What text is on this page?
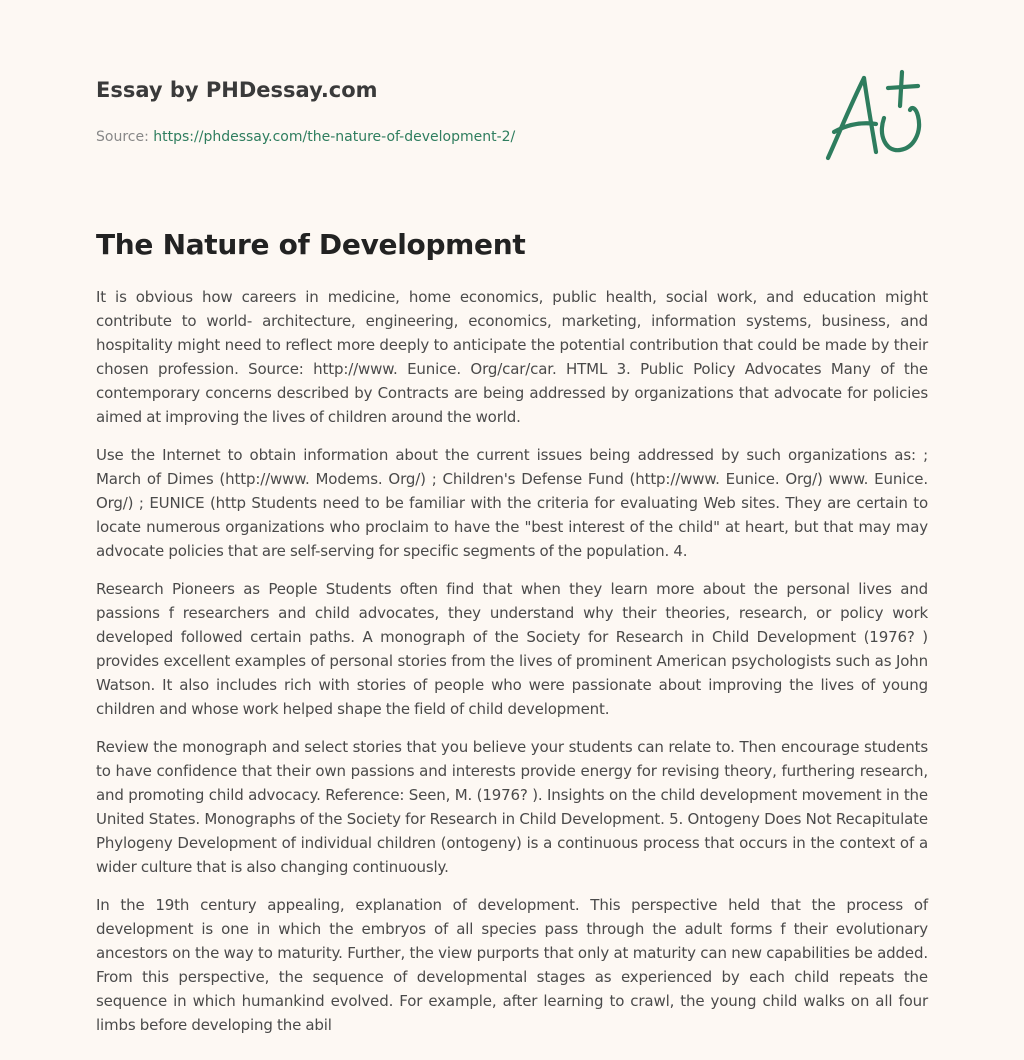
Essay by PHDessay.com
Source: https://phdessay.com/the-nature-of-development-2/
The Nature of Development

It is obvious how careers in medicine, home economics, public health, social work, and education might contribute to world- architecture, engineering, economics, marketing, information systems, business, and hospitality might need to reflect more deeply to anticipate the potential contribution that could be made by their chosen profession. Source: http://www. Eunice. Org/car/car. HTML 3. Public Policy Advocates Many of the contemporary concerns described by Contracts are being addressed by organizations that advocate for policies aimed at improving the lives of children around the world.

Use the Internet to obtain information about the current issues being addressed by such organizations as: ; March of Dimes (http://www. Modems. Org/) ; Children's Defense Fund (http://www. Eunice. Org/) www. Eunice. Org/) ; EUNICE (http Students need to be familiar with the criteria for evaluating Web sites. They are certain to locate numerous organizations who proclaim to have the "best interest of the child" at heart, but that may may advocate policies that are self-serving for specific segments of the population. 4.

Research Pioneers as People Students often find that when they learn more about the personal lives and passions f researchers and child advocates, they understand why their theories, research, or policy work developed followed certain paths. A monograph of the Society for Research in Child Development (1976? ) provides excellent examples of personal stories from the lives of prominent American psychologists such as John Watson. It also includes rich with stories of people who were passionate about improving the lives of young children and whose work helped shape the field of child development.

Review the monograph and select stories that you believe your students can relate to. Then encourage students to have confidence that their own passions and interests provide energy for revising theory, furthering research, and promoting child advocacy. Reference: Seen, M. (1976? ). Insights on the child development movement in the United States. Monographs of the Society for Research in Child Development. 5. Ontogeny Does Not Recapitulate Phylogeny Development of individual children (ontogeny) is a continuous process that occurs in the context of a wider culture that is also changing continuously.

In the 19th century appealing, explanation of development. This perspective held that the process of development is one in which the embryos of all species pass through the adult forms f their evolutionary ancestors on the way to maturity. Further, the view purports that only at maturity can new capabilities be added. From this perspective, the sequence of developmental stages as experienced by each child repeats the sequence in which humankind evolved. For example, after learning to crawl, the young child walks on all four limbs before developing the abil
